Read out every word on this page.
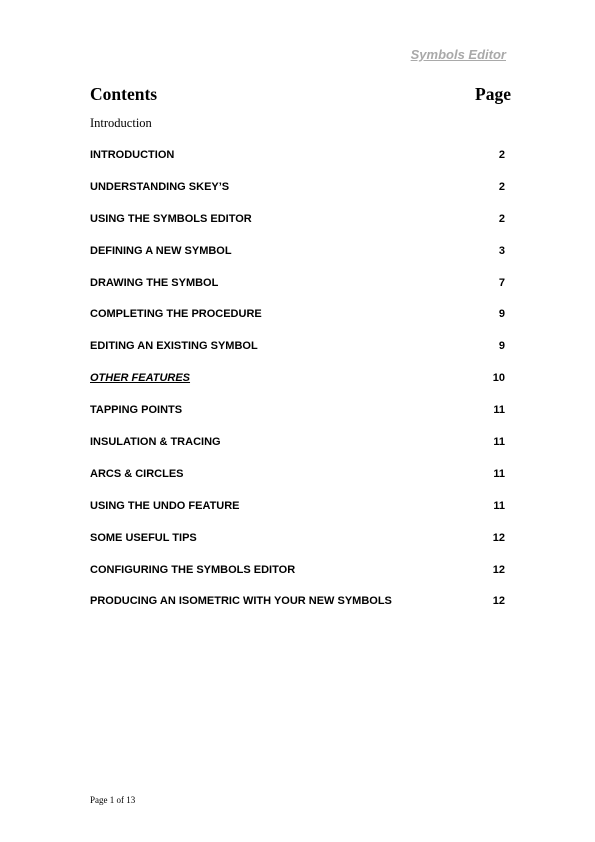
Symbols Editor
Contents	Page
Introduction
INTRODUCTION	2
UNDERSTANDING SKEY’S	2
USING THE SYMBOLS EDITOR	2
DEFINING A NEW SYMBOL	3
DRAWING THE SYMBOL	7
COMPLETING THE PROCEDURE	9
EDITING AN EXISTING SYMBOL	9
OTHER FEATURES	10
TAPPING POINTS	11
INSULATION & TRACING	11
ARCS & CIRCLES	11
USING THE UNDO FEATURE	11
SOME USEFUL TIPS	12
CONFIGURING THE SYMBOLS EDITOR	12
PRODUCING AN ISOMETRIC WITH YOUR NEW SYMBOLS	12
Page 1 of 13
